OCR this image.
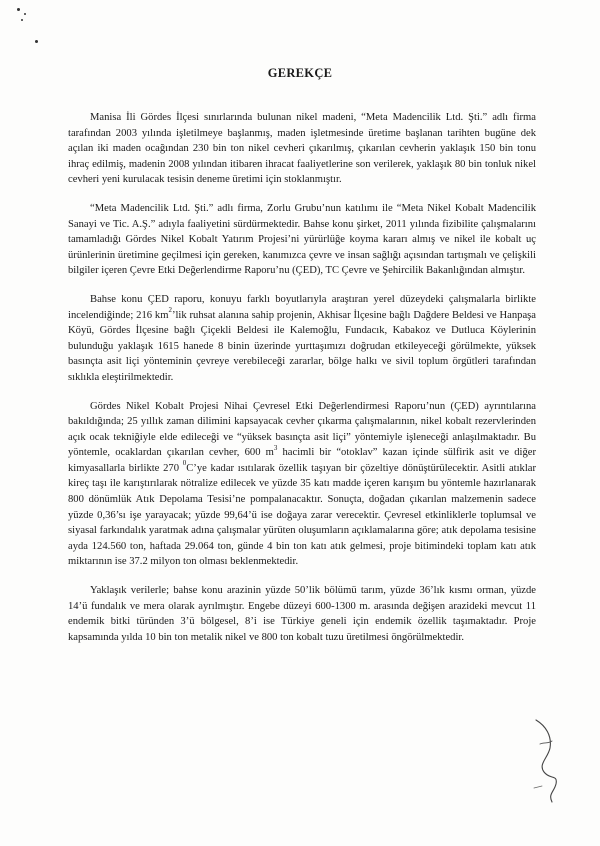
GEREKÇE

Manisa İli Gördes İlçesi sınırlarında bulunan nikel madeni, “Meta Madencilik Ltd. Şti.” adlı firma tarafından 2003 yılında işletilmeye başlanmış, maden işletmesinde üretime başlanan tarihten bugüne dek açılan iki maden ocağından 230 bin ton nikel cevheri çıkarılmış, çıkarılan cevherin yaklaşık 150 bin tonu ihraç edilmiş, madenin 2008 yılından itibaren ihracat faaliyetlerine son verilerek, yaklaşık 80 bin tonluk nikel cevheri yeni kurulacak tesisin deneme üretimi için stoklanmıştır.

“Meta Madencilik Ltd. Şti.” adlı firma, Zorlu Grubu’nun katılımı ile “Meta Nikel Kobalt Madencilik Sanayi ve Tic. A.Ş.” adıyla faaliyetini sürdürmektedir. Bahse konu şirket, 2011 yılında fizibilite çalışmalarını tamamladığı Gördes Nikel Kobalt Yatırım Projesi’ni yürürlüğe koyma kararı almış ve nikel ile kobalt uç ürünlerinin üretimine geçilmesi için gereken, kanımızca çevre ve insan sağlığı açısından tartışmalı ve çelişkili bilgiler içeren Çevre Etki Değerlendirme Raporu’nu (ÇED), TC Çevre ve Şehircilik Bakanlığından almıştır.

Bahse konu ÇED raporu, konuyu farklı boyutlarıyla araştıran yerel düzeydeki çalışmalarla birlikte incelendiğinde; 216 $km^2’lik$ ruhsat alanına sahip projenin, Akhisar İlçesine bağlı Dağdere Beldesi ve Hanpaşa Köyü, Gördes İlçesine bağlı Çiçekli Beldesi ile Kalemoğlu, Fundacık, Kabakoz ve Dutluca Köylerinin bulunduğu yaklaşık 1615 hanede 8 binin üzerinde yurttaşımızı doğrudan etkileyeceği görülmekte, yüksek basınçta asit liçi yönteminin çevreye verebileceği zararlar, bölge halkı ve sivil toplum örgütleri tarafından sıklıkla eleştirilmektedir.

Gördes Nikel Kobalt Projesi Nihai Çevresel Etki Değerlendirmesi Raporu’nun (ÇED) ayrıntılarına bakıldığında; 25 yıllık zaman dilimini kapsayacak cevher çıkarma çalışmalarının, nikel kobalt rezervlerinden açık ocak tekniğiyle elde edileceği ve “yüksek basınçta asit liçi” yöntemiyle işleneceği anlaşılmaktadır. Bu yöntemle, ocaklardan çıkarılan cevher, 600 $m^3$ hacimli bir “otoklav” kazan içinde sülfirik asit ve diğer kimyasallarla birlikte 270 $^0$C’ye kadar ısıtılarak özellik taşıyan bir çözeltiye dönüştürülecektir. Asitli atıklar kireç taşı ile karıştırılarak nötralize edilecek ve yüzde 35 katı madde içeren karışım bu yöntemle hazırlanarak 800 dönümlük Atık Depolama Tesisi’ne pompalanacaktır. Sonuçta, doğadan çıkarılan malzemenin sadece yüzde 0,36’sı işe yarayacak; yüzde 99,64’ü ise doğaya zarar verecektir. Çevresel etkinliklerle toplumsal ve siyasal farkındalık yaratmak adına çalışmalar yürüten oluşumların açıklamalarına göre; atık depolama tesisine ayda 124.560 ton, haftada 29.064 ton, günde 4 bin ton katı atık gelmesi, proje bitimindeki toplam katı atık miktarının ise 37.2 milyon ton olması beklenmektedir.

Yaklaşık verilerle; bahse konu arazinin yüzde 50’lik bölümü tarım, yüzde 36’lık kısmı orman, yüzde 14’ü fundalık ve mera olarak ayrılmıştır. Engebe düzeyi 600-1300 m. arasında değişen arazideki mevcut 11 endemik bitki türünden 3’ü bölgesel, 8’i ise Türkiye geneli için endemik özellik taşımaktadır. Proje kapsamında yılda 10 bin ton metalik nikel ve 800 ton kobalt tuzu üretilmesi öngörülmektedir.
